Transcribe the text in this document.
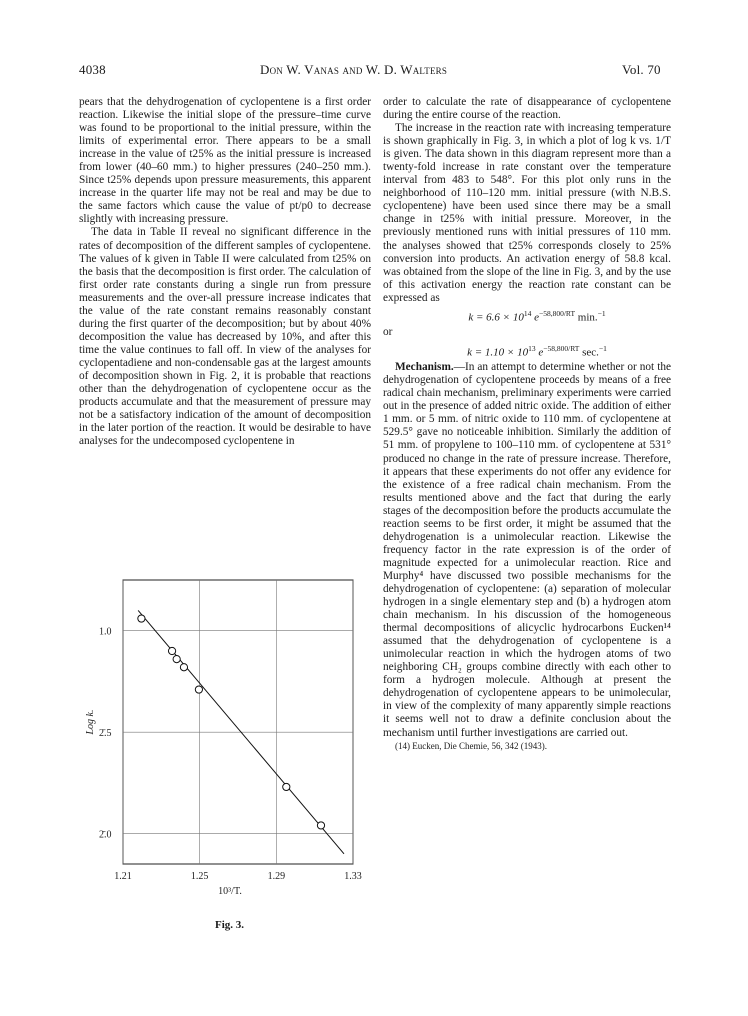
4038	Don W. Vanas and W. D. Walters	Vol. 70

pears that the dehydrogenation of cyclopentene is a first order reaction. Likewise the initial slope of the pressure–time curve was found to be proportional to the initial pressure, within the limits of experimental error. There appears to be a small increase in the value of t25% as the initial pressure is increased from lower (40–60 mm.) to higher pressures (240–250 mm.). Since t25% depends upon pressure measurements, this apparent increase in the quarter life may not be real and may be due to the same factors which cause the value of pt/p0 to decrease slightly with increasing pressure.

The data in Table II reveal no significant difference in the rates of decomposition of the different samples of cyclopentene. The values of k given in Table II were calculated from t25% on the basis that the decomposition is first order. The calculation of first order rate constants during a single run from pressure measurements and the over-all pressure increase indicates that the value of the rate constant remains reasonably constant during the first quarter of the decomposition; but by about 40% decomposition the value has decreased by 10%, and after this time the value continues to fall off. In view of the analyses for cyclopentadiene and non-condensable gas at the largest amounts of decomposition shown in Fig. 2, it is probable that reactions other than the dehydrogenation of cyclopentene occur as the products accumulate and that the measurement of pressure may not be a satisfactory indication of the amount of decomposition in the later portion of the reaction. It would be desirable to have analyses for the undecomposed cyclopentene in

1.21	1.25	1.29	1.33
1.0
2̄.5
2̄.0
10³/T.
Log k.
Fig. 3.

order to calculate the rate of disappearance of cyclopentene during the entire course of the reaction.

The increase in the reaction rate with increasing temperature is shown graphically in Fig. 3, in which a plot of log k vs. 1/T is given. The data shown in this diagram represent more than a twenty-fold increase in rate constant over the temperature interval from 483 to 548°. For this plot only runs in the neighborhood of 110–120 mm. initial pressure (with N.B.S. cyclopentene) have been used since there may be a small change in t25% with initial pressure. Moreover, in the previously mentioned runs with initial pressures of 110 mm. the analyses showed that t25% corresponds closely to 25% conversion into products. An activation energy of 58.8 kcal. was obtained from the slope of the line in Fig. 3, and by the use of this activation energy the reaction rate constant can be expressed as

$k = 6.6 \times 10^{14}$ $e^{-58,800/RT}$ min.$^{-1}$
or
$k = 1.10 \times 10^{13}$ $e^{-58,800/RT}$ sec.$^{-1}$

Mechanism.—In an attempt to determine whether or not the dehydrogenation of cyclopentene proceeds by means of a free radical chain mechanism, preliminary experiments were carried out in the presence of added nitric oxide. The addition of either 1 mm. or 5 mm. of nitric oxide to 110 mm. of cyclopentene at 529.5° gave no noticeable inhibition. Similarly the addition of 51 mm. of propylene to 100–110 mm. of cyclopentene at 531° produced no change in the rate of pressure increase. Therefore, it appears that these experiments do not offer any evidence for the existence of a free radical chain mechanism. From the results mentioned above and the fact that during the early stages of the decomposition before the products accumulate the reaction seems to be first order, it might be assumed that the dehydrogenation is a unimolecular reaction. Likewise the frequency factor in the rate expression is of the order of magnitude expected for a unimolecular reaction. Rice and Murphy⁴ have discussed two possible mechanisms for the dehydrogenation of cyclopentene: (a) separation of molecular hydrogen in a single elementary step and (b) a hydrogen atom chain mechanism. In his discussion of the homogeneous thermal decompositions of alicyclic hydrocarbons Eucken¹⁴ assumed that the dehydrogenation of cyclopentene is a unimolecular reaction in which the hydrogen atoms of two neighboring CH₂ groups combine directly with each other to form a hydrogen molecule. Although at present the dehydrogenation of cyclopentene appears to be unimolecular, in view of the complexity of many apparently simple reactions it seems well not to draw a definite conclusion about the mechanism until further investigations are carried out.

(14) Eucken, Die Chemie, 56, 342 (1943).
